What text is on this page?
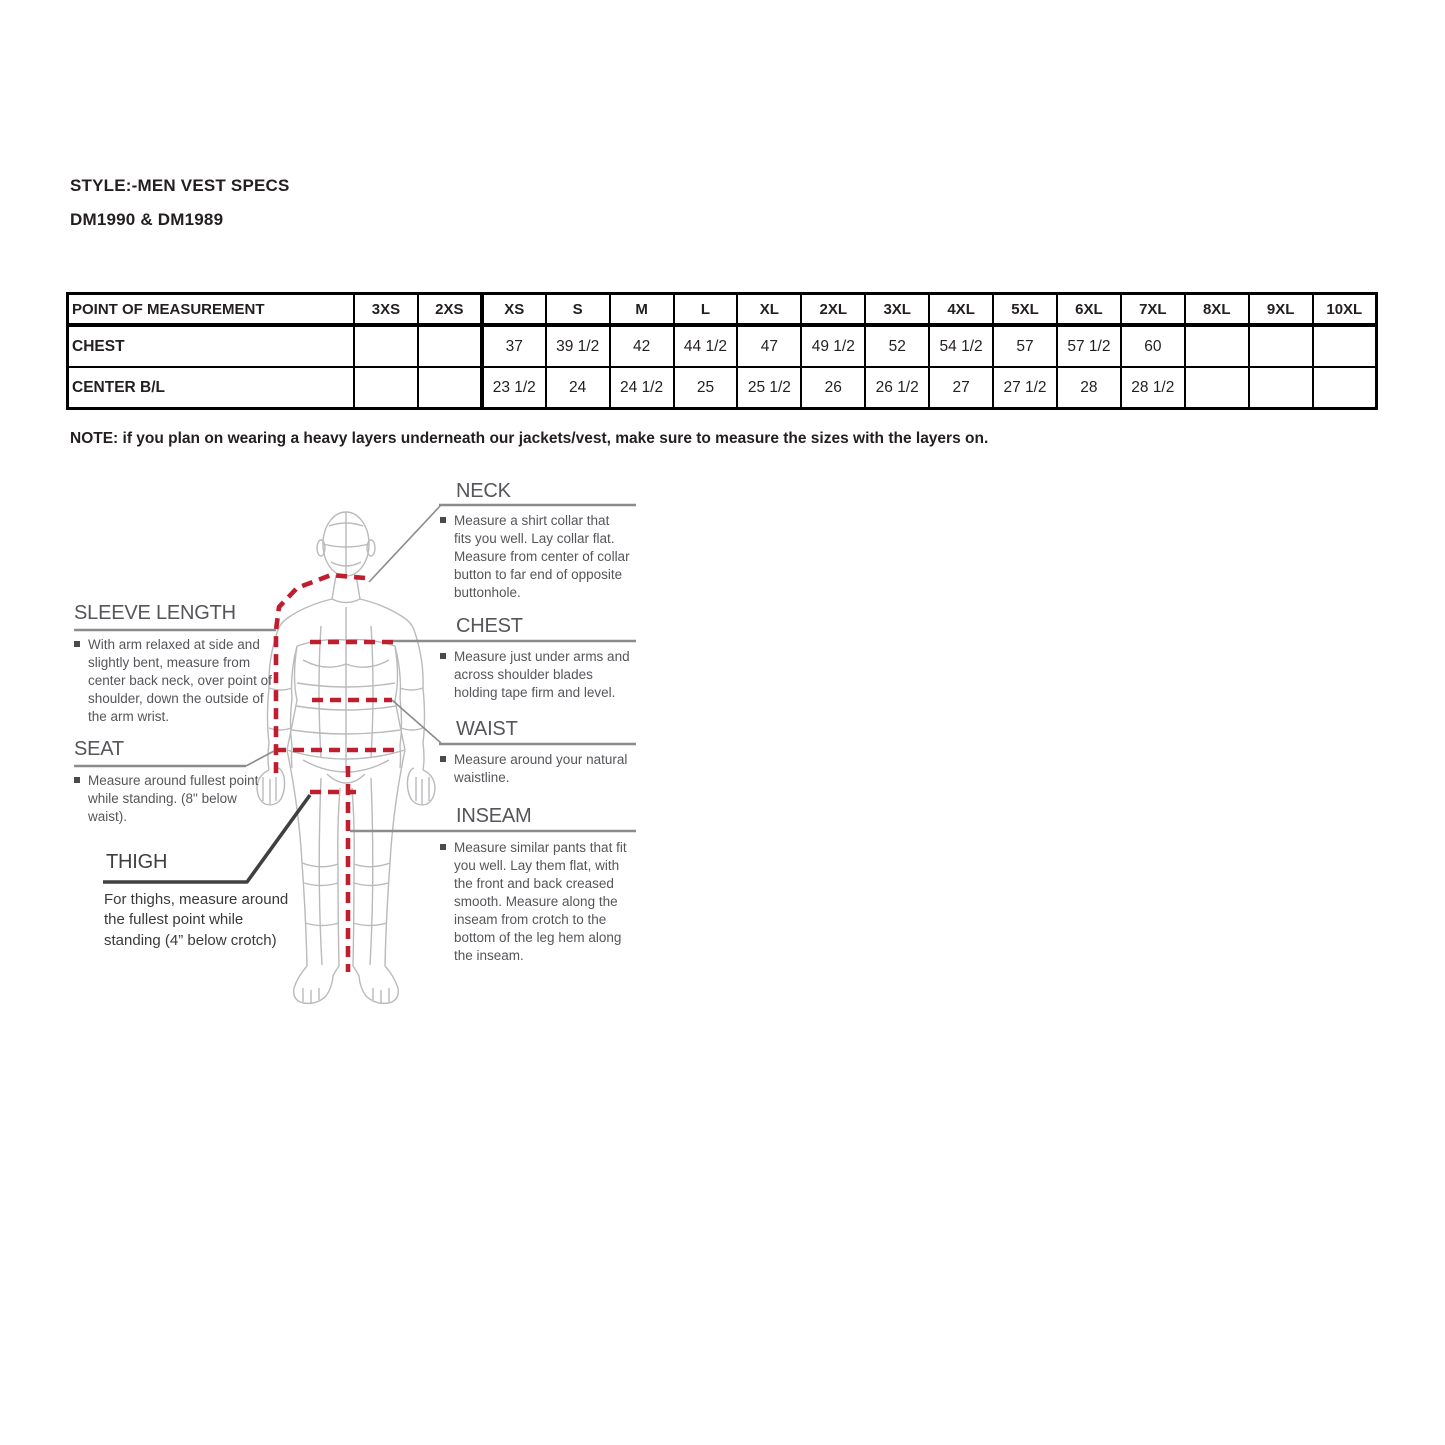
STYLE:-MEN VEST SPECS
DM1990 & DM1989
POINT OF MEASUREMENT	3XS	2XS	XS	S	M	L	XL	2XL	3XL	4XL	5XL	6XL	7XL	8XL	9XL	10XL
CHEST			37	39 1/2	42	44 1/2	47	49 1/2	52	54 1/2	57	57 1/2	60			
CENTER B/L			23 1/2	24	24 1/2	25	25 1/2	26	26 1/2	27	27 1/2	28	28 1/2			
NOTE: if you plan on wearing a heavy layers underneath our jackets/vest, make sure to measure the sizes with the layers on.
NECK
Measure a shirt collar that fits you well. Lay collar flat. Measure from center of collar button to far end of opposite buttonhole.
CHEST
Measure just under arms and across shoulder blades holding tape firm and level.
WAIST
Measure around your natural waistline.
INSEAM
Measure similar pants that fit you well. Lay them flat, with the front and back creased smooth. Measure along the inseam from crotch to the bottom of the leg hem along the inseam.
SLEEVE LENGTH
With arm relaxed at side and slightly bent, measure from center back neck, over point of shoulder, down the outside of the arm wrist.
SEAT
Measure around fullest point while standing. (8" below waist).
THIGH
For thighs, measure around the fullest point while standing (4” below crotch)
